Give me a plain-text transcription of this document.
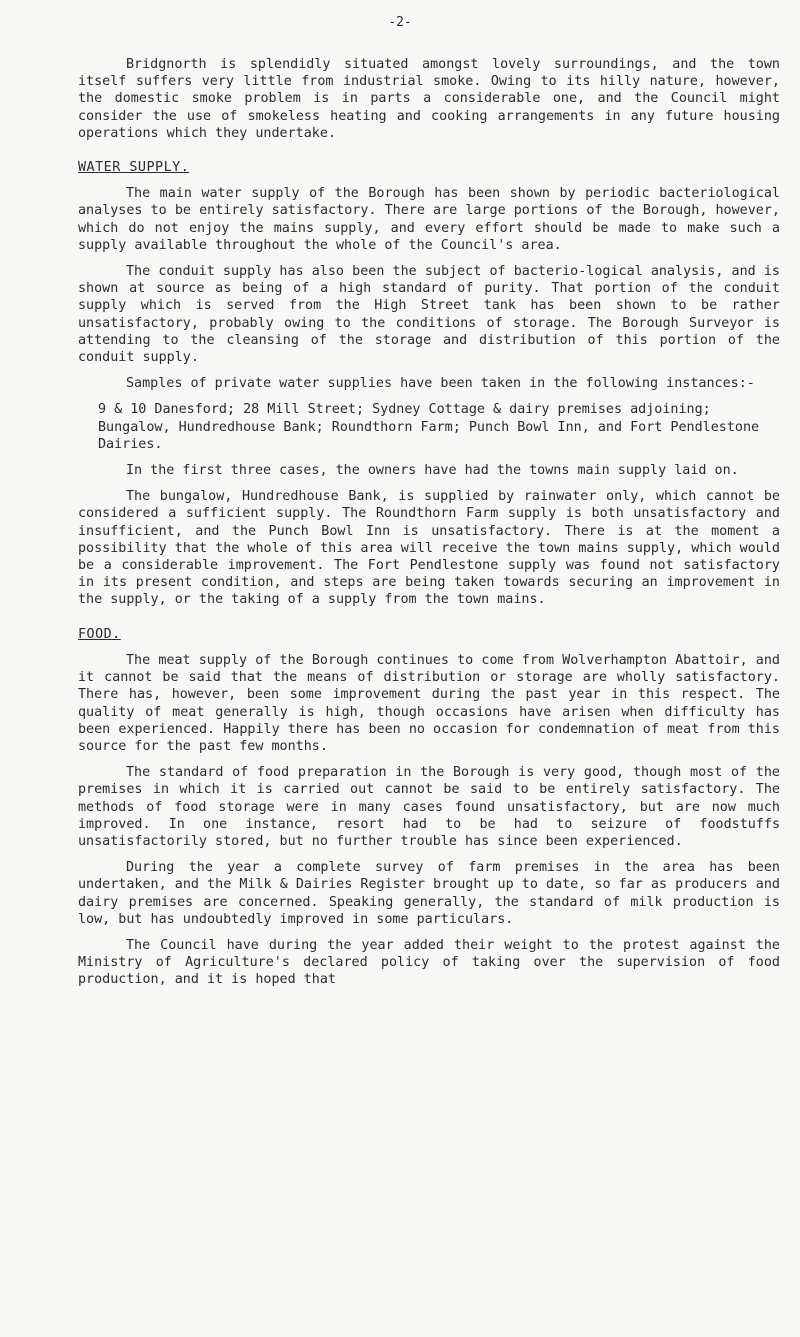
-2-

Bridgnorth is splendidly situated amongst lovely surroundings, and the town itself suffers very little from industrial smoke. Owing to its hilly nature, however, the domestic smoke problem is in parts a considerable one, and the Council might consider the use of smokeless heating and cooking arrangements in any future housing operations which they undertake.

WATER SUPPLY.

The main water supply of the Borough has been shown by periodic bacteriological analyses to be entirely satisfactory. There are large portions of the Borough, however, which do not enjoy the mains supply, and every effort should be made to make such a supply available throughout the whole of the Council's area.

The conduit supply has also been the subject of bacterio-logical analysis, and is shown at source as being of a high standard of purity. That portion of the conduit supply which is served from the High Street tank has been shown to be rather unsatisfactory, probably owing to the conditions of storage. The Borough Surveyor is attending to the cleansing of the storage and distribution of this portion of the conduit supply.

Samples of private water supplies have been taken in the following instances:-

9 & 10 Danesford; 28 Mill Street; Sydney Cottage & dairy premises adjoining; Bungalow, Hundredhouse Bank; Roundthorn Farm; Punch Bowl Inn, and Fort Pendlestone Dairies.

In the first three cases, the owners have had the towns main supply laid on.

The bungalow, Hundredhouse Bank, is supplied by rainwater only, which cannot be considered a sufficient supply. The Roundthorn Farm supply is both unsatisfactory and insufficient, and the Punch Bowl Inn is unsatisfactory. There is at the moment a possibility that the whole of this area will receive the town mains supply, which would be a considerable improvement. The Fort Pendlestone supply was found not satisfactory in its present condition, and steps are being taken towards securing an improvement in the supply, or the taking of a supply from the town mains.

FOOD.

The meat supply of the Borough continues to come from Wolverhampton Abattoir, and it cannot be said that the means of distribution or storage are wholly satisfactory. There has, however, been some improvement during the past year in this respect. The quality of meat generally is high, though occasions have arisen when difficulty has been experienced. Happily there has been no occasion for condemnation of meat from this source for the past few months.

The standard of food preparation in the Borough is very good, though most of the premises in which it is carried out cannot be said to be entirely satisfactory. The methods of food storage were in many cases found unsatisfactory, but are now much improved. In one instance, resort had to be had to seizure of foodstuffs unsatisfactorily stored, but no further trouble has since been experienced.

During the year a complete survey of farm premises in the area has been undertaken, and the Milk & Dairies Register brought up to date, so far as producers and dairy premises are concerned. Speaking generally, the standard of milk production is low, but has undoubtedly improved in some particulars.

The Council have during the year added their weight to the protest against the Ministry of Agriculture's declared policy of taking over the supervision of food production, and it is hoped that
